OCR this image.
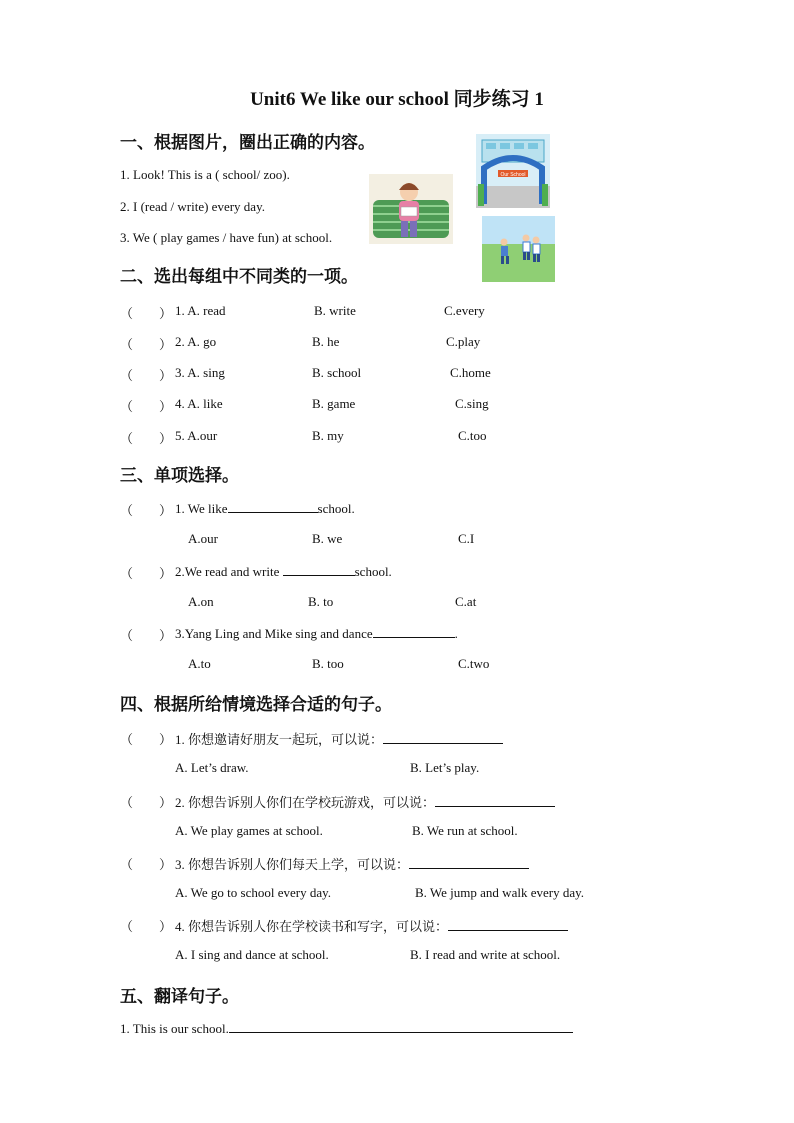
Unit6 We like our school 同步练习 1
一、根据图片，圈出正确的内容。
1. Look! This is a ( school/ zoo).
2. I (read / write) every day.
3. We ( play games / have fun) at school.
Our School
二、选出每组中不同类的一项。
（　　） 1. A. read	B. write	C.every
（　　） 2. A. go	B. he	C.play
（　　） 3. A. sing	B. school	C.home
（　　） 4. A. like	B. game	C.sing
（　　） 5. A.our	B. my	C.too
三、单项选择。
（　　） 1. We like	school.
A.our	B. we	C.I
（　　） 2.We read and write	school.
A.on	B. to	C.at
（　　） 3.Yang Ling and Mike sing and dance	.
A.to	B. too	C.two
四、根据所给情境选择合适的句子。
（　　） 1. 你想邀请好朋友一起玩，可以说：
A. Let’s draw.	B. Let’s play.
（　　） 2. 你想告诉别人你们在学校玩游戏，可以说：
A. We play games at school.	B. We run at school.
（　　） 3. 你想告诉别人你们每天上学，可以说：
A. We go to school every day.	B. We jump and walk every day.
（　　） 4. 你想告诉别人你在学校读书和写字，可以说：
A. I sing and dance at school.	B. I read and write at school.
五、翻译句子。
1. This is our school.
